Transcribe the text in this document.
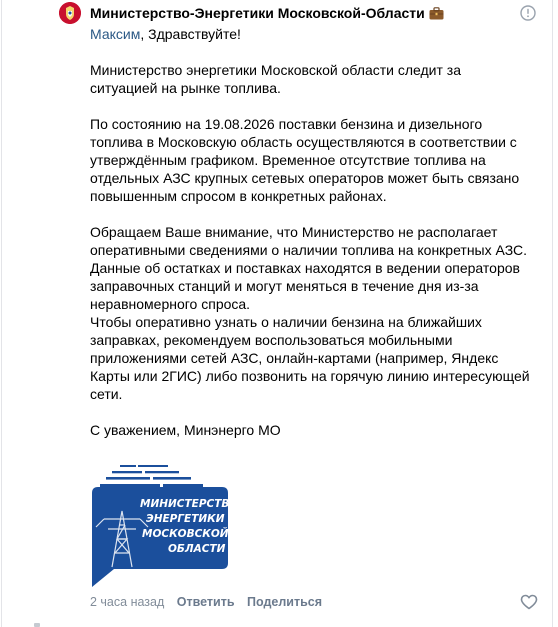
Министерство-Энергетики Московской-Области

Максим, Здравствуйте!

Министерство энергетики Московской области следит за ситуацией на рынке топлива.

По состоянию на 19.08.2026 поставки бензина и дизельного топлива в Московскую область осуществляются в соответствии с утверждённым графиком. Временное отсутствие топлива на отдельных АЗС крупных сетевых операторов может быть связано повышенным спросом в конкретных районах.

Обращаем Ваше внимание, что Министерство не располагает оперативными сведениями о наличии топлива на конкретных АЗС.

Данные об остатках и поставках находятся в ведении операторов заправочных станций и могут меняться в течение дня из-за неравномерного спроса.

Чтобы оперативно узнать о наличии бензина на ближайших заправках, рекомендуем воспользоваться мобильными приложениями сетей АЗС, онлайн-картами (например, Яндекс Карты или 2ГИС) либо позвонить на горячую линию интересующей сети.

С уважением, Минэнерго МО

МИНИСТЕРСТВО
ЭНЕРГЕТИКИ
МОСКОВСКОЙ
ОБЛАСТИ
2 часа назад Ответить Поделиться
